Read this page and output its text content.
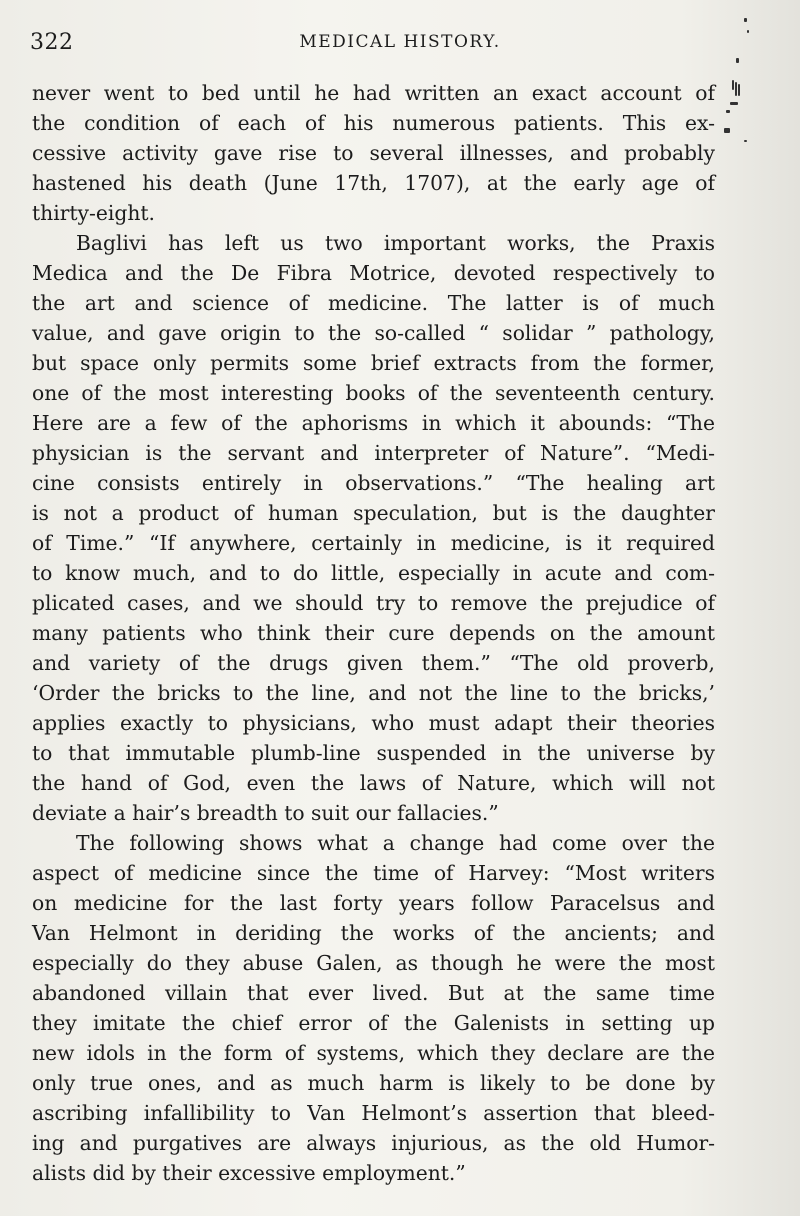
322	MEDICAL HISTORY.
never went to bed until he had written an exact account of
the condition of each of his numerous patients. This ex-
cessive activity gave rise to several illnesses, and probably
hastened his death (June 17th, 1707), at the early age of
thirty-eight.
Baglivi has left us two important works, the Praxis
Medica and the De Fibra Motrice, devoted respectively to
the art and science of medicine. The latter is of much
value, and gave origin to the so-called “ solidar ” pathology,
but space only permits some brief extracts from the former,
one of the most interesting books of the seventeenth century.
Here are a few of the aphorisms in which it abounds: “The
physician is the servant and interpreter of Nature”. “Medi-
cine consists entirely in observations.” “The healing art
is not a product of human speculation, but is the daughter
of Time.” “If anywhere, certainly in medicine, is it required
to know much, and to do little, especially in acute and com-
plicated cases, and we should try to remove the prejudice of
many patients who think their cure depends on the amount
and variety of the drugs given them.” “The old proverb,
‘Order the bricks to the line, and not the line to the bricks,’
applies exactly to physicians, who must adapt their theories
to that immutable plumb-line suspended in the universe by
the hand of God, even the laws of Nature, which will not
deviate a hair’s breadth to suit our fallacies.”
The following shows what a change had come over the
aspect of medicine since the time of Harvey: “Most writers
on medicine for the last forty years follow Paracelsus and
Van Helmont in deriding the works of the ancients; and
especially do they abuse Galen, as though he were the most
abandoned villain that ever lived. But at the same time
they imitate the chief error of the Galenists in setting up
new idols in the form of systems, which they declare are the
only true ones, and as much harm is likely to be done by
ascribing infallibility to Van Helmont’s assertion that bleed-
ing and purgatives are always injurious, as the old Humor-
alists did by their excessive employment.”
